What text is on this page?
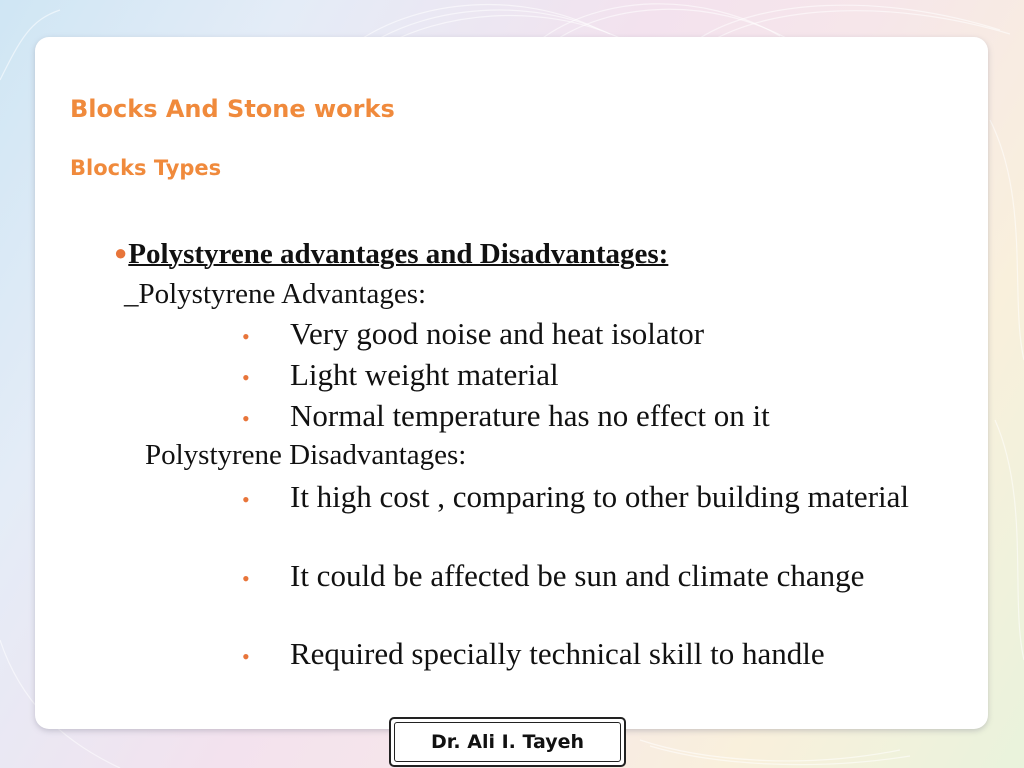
Blocks And Stone works
Blocks Types
●Polystyrene advantages and Disadvantages:
_Polystyrene Advantages:
• Very good noise and heat isolator
• Light weight material
• Normal temperature has no effect on it
Polystyrene Disadvantages:
• It high cost , comparing to other building material
• It could be affected be sun and climate change
• Required specially technical skill to handle
Dr. Ali I. Tayeh
